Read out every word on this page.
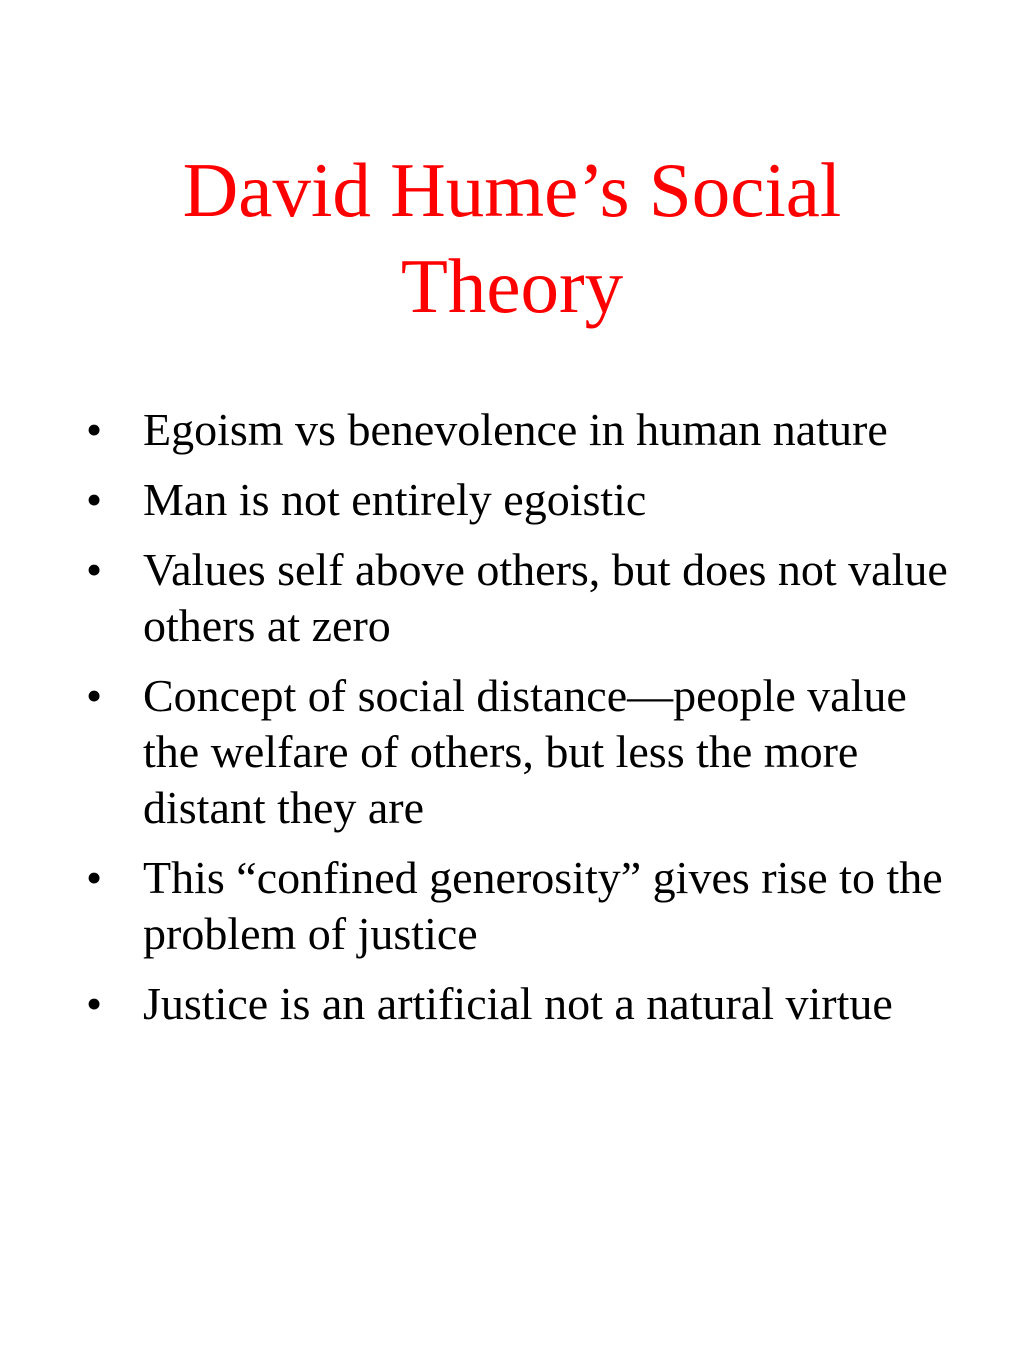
David Hume’s Social Theory
• Egoism vs benevolence in human nature
• Man is not entirely egoistic
• Values self above others, but does not value others at zero
• Concept of social distance—people value the welfare of others, but less the more distant they are
• This “confined generosity” gives rise to the problem of justice
• Justice is an artificial not a natural virtue
